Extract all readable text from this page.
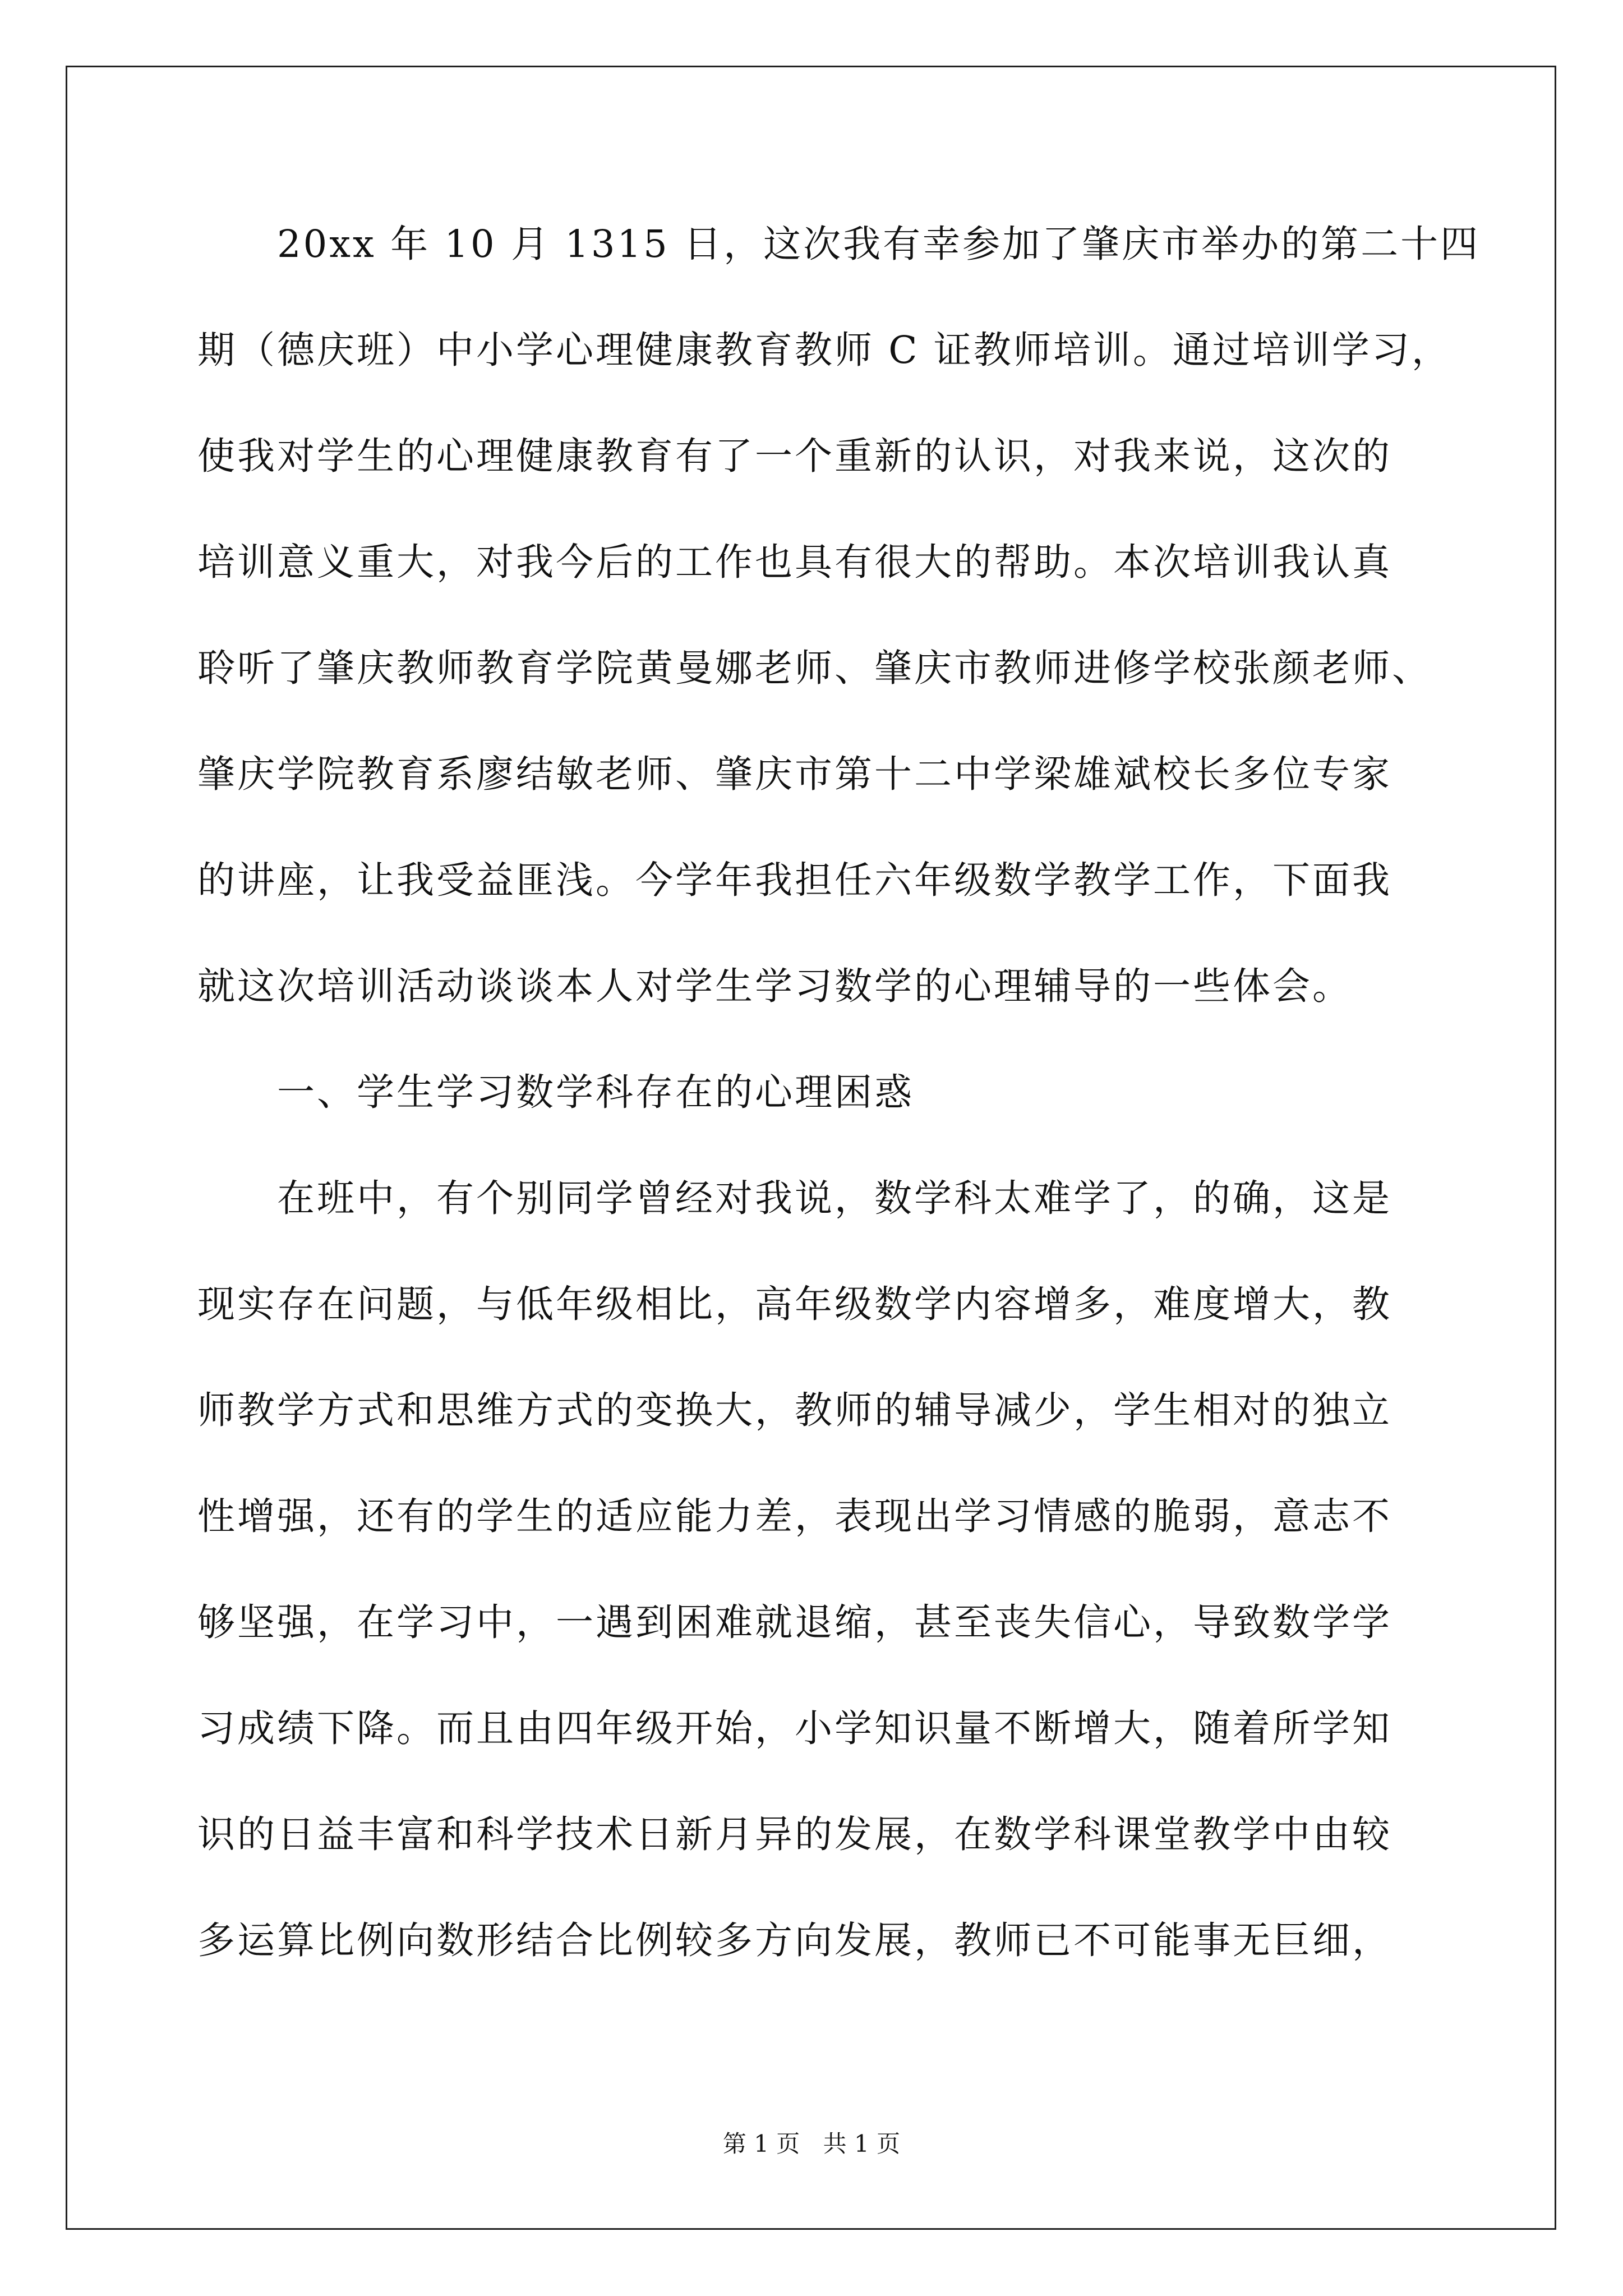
20xx 年 10 月 1315 日，这次我有幸参加了肇庆市举办的第二十四
期（德庆班）中小学心理健康教育教师 C 证教师培训。通过培训学习，
使我对学生的心理健康教育有了一个重新的认识，对我来说，这次的
培训意义重大，对我今后的工作也具有很大的帮助。本次培训我认真
聆听了肇庆教师教育学院黄曼娜老师、肇庆市教师进修学校张颜老师、
肇庆学院教育系廖结敏老师、肇庆市第十二中学梁雄斌校长多位专家
的讲座，让我受益匪浅。今学年我担任六年级数学教学工作，下面我
就这次培训活动谈谈本人对学生学习数学的心理辅导的一些体会。
一、学生学习数学科存在的心理困惑
在班中，有个别同学曾经对我说，数学科太难学了，的确，这是
现实存在问题，与低年级相比，高年级数学内容增多，难度增大，教
师教学方式和思维方式的变换大，教师的辅导减少，学生相对的独立
性增强，还有的学生的适应能力差，表现出学习情感的脆弱，意志不
够坚强，在学习中，一遇到困难就退缩，甚至丧失信心，导致数学学
习成绩下降。而且由四年级开始，小学知识量不断增大，随着所学知
识的日益丰富和科学技术日新月异的发展，在数学科课堂教学中由较
多运算比例向数形结合比例较多方向发展，教师已不可能事无巨细，
第 1 页 共 1 页
